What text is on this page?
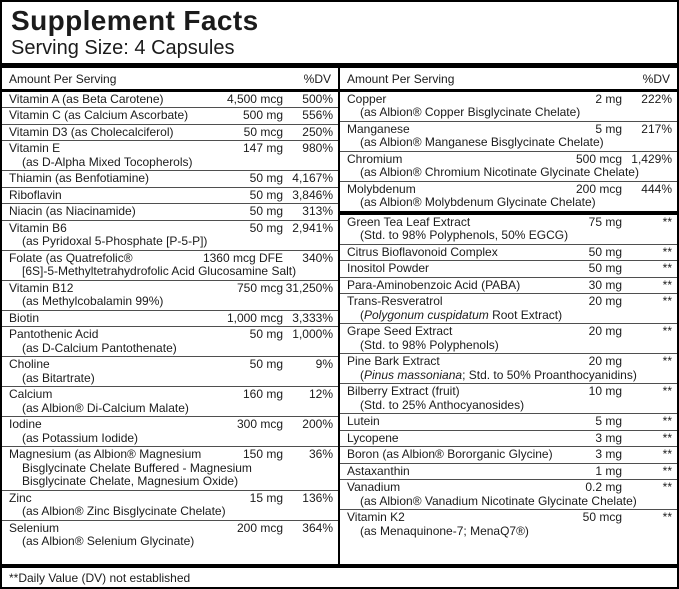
Supplement Facts
Serving Size: 4 Capsules
Amount Per Serving	%DV
Vitamin A (as Beta Carotene)	4,500 mcg	500%
Vitamin C (as Calcium Ascorbate)	500 mg	556%
Vitamin D3 (as Cholecalciferol)	50 mcg	250%
Vitamin E	147 mg	980%
(as D-Alpha Mixed Tocopherols)
Thiamin (as Benfotiamine)	50 mg 4,167%
Riboflavin	50 mg 3,846%
Niacin (as Niacinamide)	50 mg	313%
Vitamin B6	50 mg 2,941%
(as Pyridoxal 5-Phosphate [P-5-P])
Folate (as Quatrefolic®	1360 mcg DFE	340%
[6S]-5-Methyltetrahydrofolic Acid Glucosamine Salt)
Vitamin B12	750 mcg 31,250%
(as Methylcobalamin 99%)
Biotin	1,000 mcg 3,333%
Pantothenic Acid	50 mg 1,000%
(as D-Calcium Pantothenate)
Choline	50 mg	9%
(as Bitartrate)
Calcium	160 mg	12%
(as Albion® Di-Calcium Malate)
Iodine	300 mcg	200%
(as Potassium Iodide)
Magnesium (as Albion® Magnesium	150 mg	36%
Bisglycinate Chelate Buffered - Magnesium
Bisglycinate Chelate, Magnesium Oxide)
Zinc	15 mg	136%
(as Albion® Zinc Bisglycinate Chelate)
Selenium	200 mcg	364%
(as Albion® Selenium Glycinate)
Amount Per Serving	%DV
Copper	2 mg	222%
(as Albion® Copper Bisglycinate Chelate)
Manganese	5 mg	217%
(as Albion® Manganese Bisglycinate Chelate)
Chromium	500 mcg 1,429%
(as Albion® Chromium Nicotinate Glycinate Chelate)
Molybdenum	200 mcg	444%
(as Albion® Molybdenum Glycinate Chelate)
Green Tea Leaf Extract	75 mg	**
(Std. to 98% Polyphenols, 50% EGCG)
Citrus Bioflavonoid Complex	50 mg	**
Inositol Powder	50 mg	**
Para-Aminobenzoic Acid (PABA)	30 mg	**
Trans-Resveratrol	20 mg	**
(Polygonum cuspidatum Root Extract)
Grape Seed Extract	20 mg	**
(Std. to 98% Polyphenols)
Pine Bark Extract	20 mg	**
(Pinus massoniana; Std. to 50% Proanthocyanidins)
Bilberry Extract (fruit)	10 mg	**
(Std. to 25% Anthocyanosides)
Lutein	5 mg	**
Lycopene	3 mg	**
Boron (as Albion® Bororganic Glycine)	3 mg	**
Astaxanthin	1 mg	**
Vanadium	0.2 mg	**
(as Albion® Vanadium Nicotinate Glycinate Chelate)
Vitamin K2	50 mcg	**
(as Menaquinone-7; MenaQ7®)
**Daily Value (DV) not established
